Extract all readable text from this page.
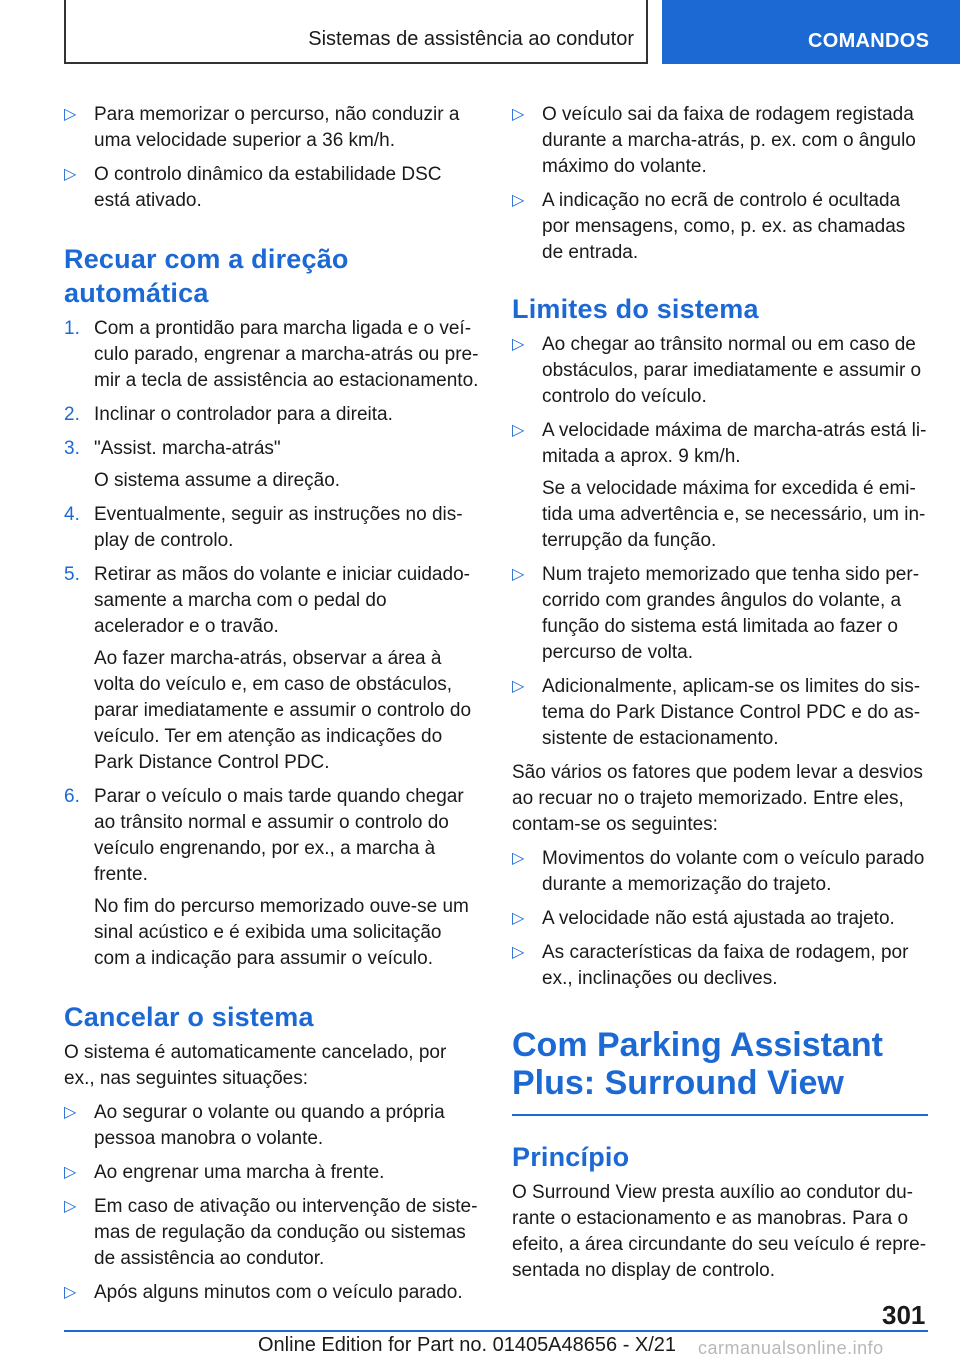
Sistemas de assistência ao condutor	COMANDOS
▷ Para memorizar o percurso, não conduzir a uma velocidade superior a 36 km/h.
▷ O controlo dinâmico da estabilidade DSC está ativado.
Recuar com a direção automática
1. Com a prontidão para marcha ligada e o veículo parado, engrenar a marcha-atrás ou premir a tecla de assistência ao estacionamento.
2. Inclinar o controlador para a direita.
3. "Assist. marcha-atrás"
O sistema assume a direção.
4. Eventualmente, seguir as instruções no display de controlo.
5. Retirar as mãos do volante e iniciar cuidadosamente a marcha com o pedal do acelerador e o travão.
Ao fazer marcha-atrás, observar a área à volta do veículo e, em caso de obstáculos, parar imediatamente e assumir o controlo do veículo. Ter em atenção as indicações do Park Distance Control PDC.
6. Parar o veículo o mais tarde quando chegar ao trânsito normal e assumir o controlo do veículo engrenando, por ex., a marcha à frente.
No fim do percurso memorizado ouve-se um sinal acústico e é exibida uma solicitação com a indicação para assumir o veículo.
Cancelar o sistema

O sistema é automaticamente cancelado, por ex., nas seguintes situações:

▷ Ao segurar o volante ou quando a própria pessoa manobra o volante.
▷ Ao engrenar uma marcha à frente.
▷ Em caso de ativação ou intervenção de sistemas de regulação da condução ou sistemas de assistência ao condutor.
▷ Após alguns minutos com o veículo parado.
▷ O veículo sai da faixa de rodagem registada durante a marcha-atrás, p. ex. com o ângulo máximo do volante.
▷ A indicação no ecrã de controlo é ocultada por mensagens, como, p. ex. as chamadas de entrada.
Limites do sistema
▷ Ao chegar ao trânsito normal ou em caso de obstáculos, parar imediatamente e assumir o controlo do veículo.
▷ A velocidade máxima de marcha-atrás está limitada a aprox. 9 km/h.
Se a velocidade máxima for excedida é emitida uma advertência e, se necessário, um interrupção da função.
▷ Num trajeto memorizado que tenha sido percorrido com grandes ângulos do volante, a função do sistema está limitada ao fazer o percurso de volta.
▷ Adicionalmente, aplicam-se os limites do sistema do Park Distance Control PDC e do assistente de estacionamento.

São vários os fatores que podem levar a desvios ao recuar no o trajeto memorizado. Entre eles, contam-se os seguintes:

▷ Movimentos do volante com o veículo parado durante a memorização do trajeto.
▷ A velocidade não está ajustada ao trajeto.
▷ As características da faixa de rodagem, por ex., inclinações ou declives.
Com Parking Assistant Plus: Surround View
Princípio

O Surround View presta auxílio ao condutor durante o estacionamento e as manobras. Para o efeito, a área circundante do seu veículo é representada no display de controlo.

301
Online Edition for Part no. 01405A48656 - X/21 carmanualsonline.info
